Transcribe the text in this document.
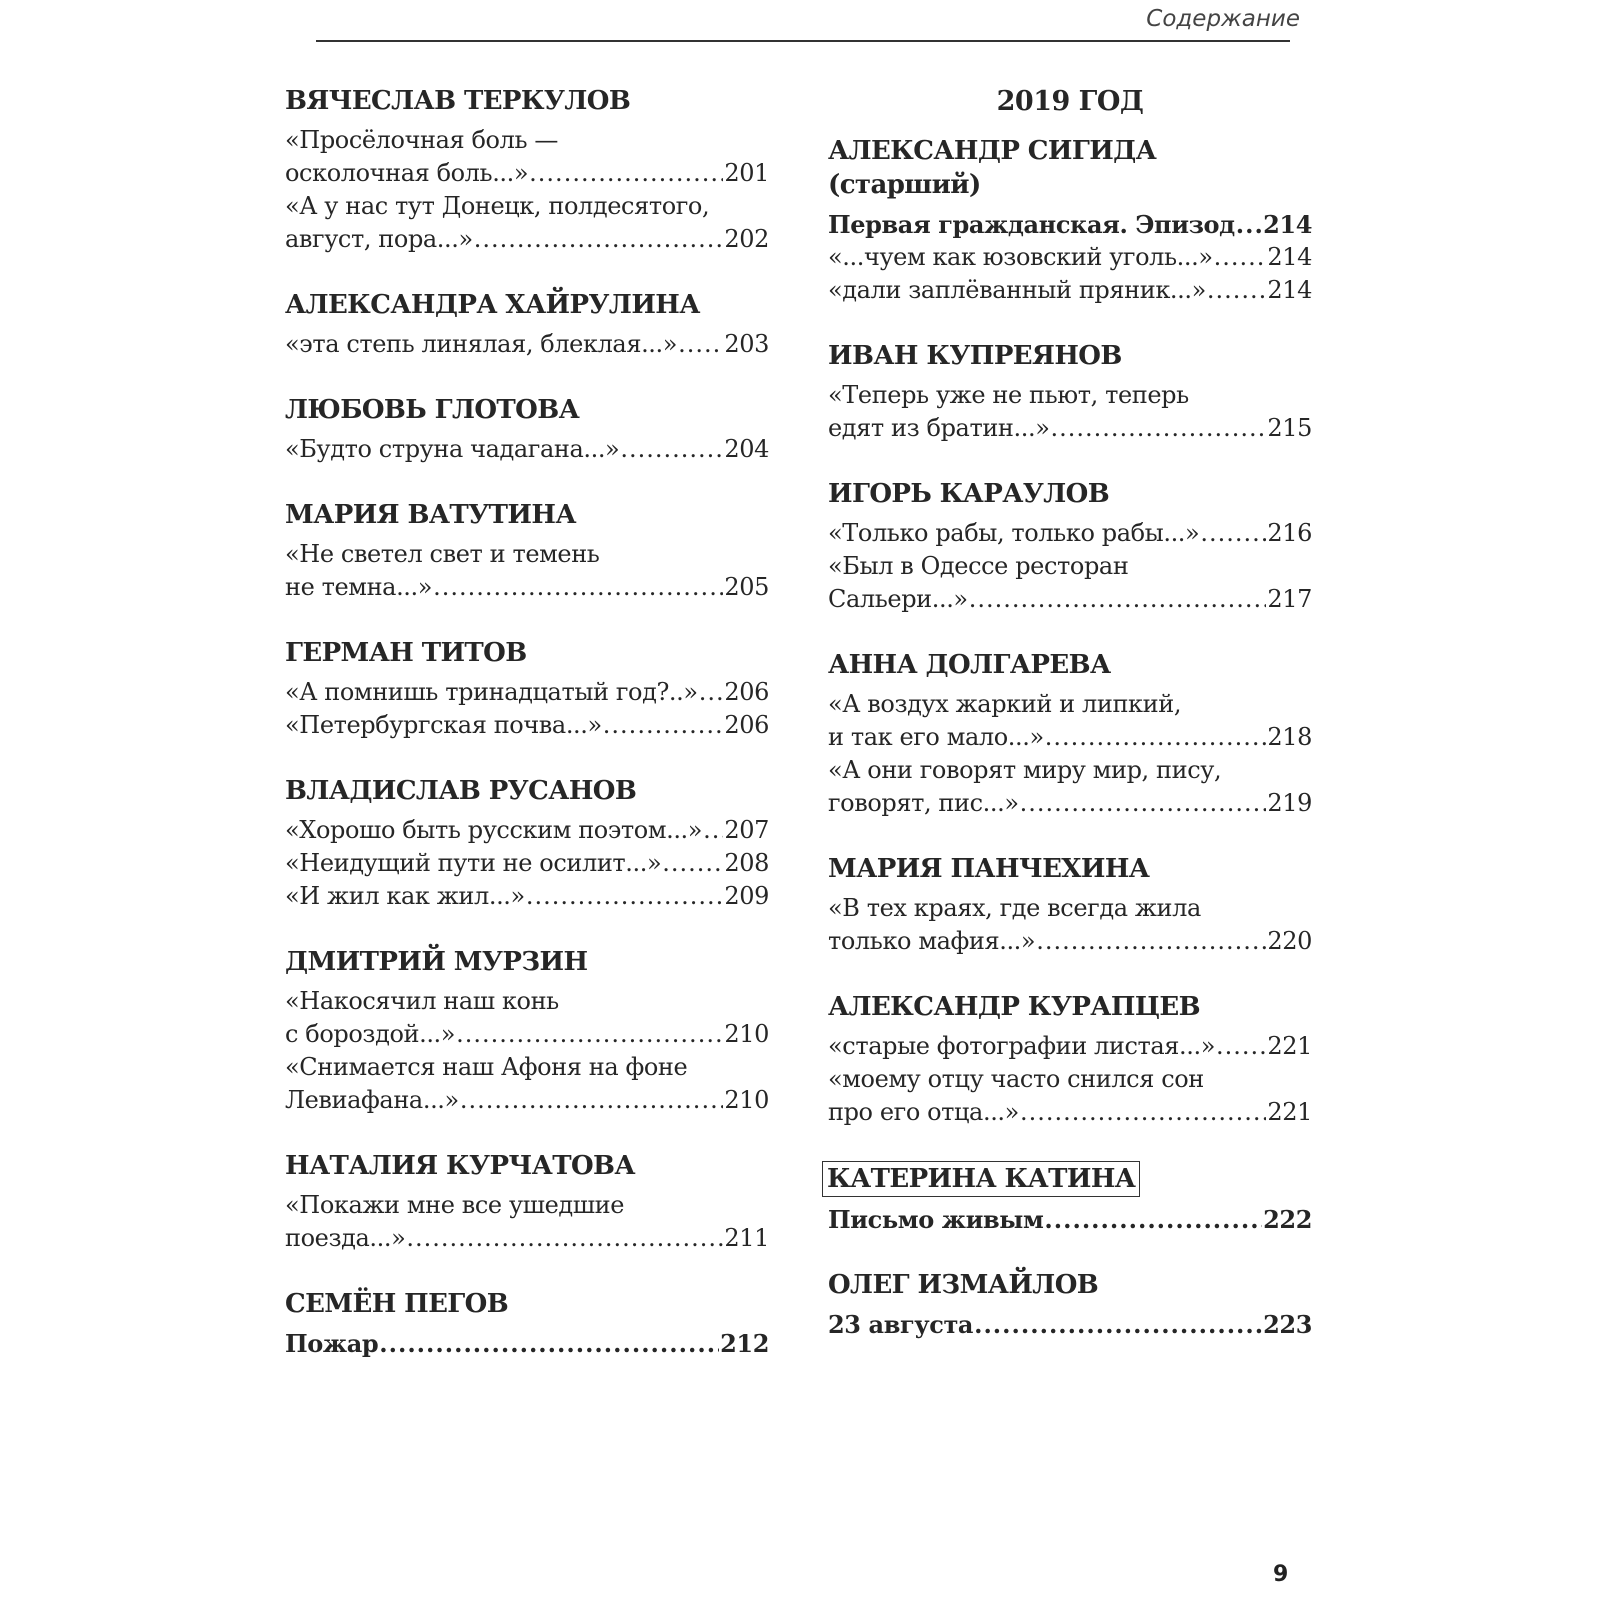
Содержание
ВЯЧЕСЛАВ ТЕРКУЛОВ
«Просёлочная боль —
осколочная боль...» .....	201
«А у нас тут Донецк, полдесятого,
август, пора...» .....	202
АЛЕКСАНДРА ХАЙРУЛИНА
«эта степь линялая, блеклая...» ..... 203
ЛЮБОВЬ ГЛОТОВА
«Будто струна чадагана...» .....	204
МАРИЯ ВАТУТИНА
«Не светел свет и темень
не темна...» .....	205
ГЕРМАН ТИТОВ
«А помнишь тринадцатый год?..» ..... 206
«Петербургская почва...» .....	206
ВЛАДИСЛАВ РУСАНОВ
«Хорошо быть русским поэтом...» ..... 207
«Неидущий пути не осилит...» .....	208
«И жил как жил...» .....	209
ДМИТРИЙ МУРЗИН
«Накосячил наш конь
с бороздой...» .....	210
«Снимается наш Афоня на фоне
Левиафана...» .....	210
НАТАЛИЯ КУРЧАТОВА
«Покажи мне все ушедшие
поезда...» .....	211
СЕМЁН ПЕГОВ
Пожар .....	212
2019 ГОД
АЛЕКСАНДР СИГИДА
(старший)
Первая гражданская. Эпизод ..... 214
«...чуем как юзовский уголь...» ..... 214
«дали заплёванный пряник...» .....	214
ИВАН КУПРЕЯНОВ
«Теперь уже не пьют, теперь
едят из братин...» .....	215
ИГОРЬ КАРАУЛОВ
«Только рабы, только рабы...» .....	216
«Был в Одессе ресторан
Сальери...» .....	217
АННА ДОЛГАРЕВА
«А воздух жаркий и липкий,
и так его мало...» .....	218
«А они говорят миру мир, пису,
говорят, пис...» .....	219
МАРИЯ ПАНЧЕХИНА
«В тех краях, где всегда жила
только мафия...» .....	220
АЛЕКСАНДР КУРАПЦЕВ
«старые фотографии листая...» ..... 221
«моему отцу часто снился сон
про его отца...» .....	221
КАТЕРИНА КАТИНА
Письмо живым .....	222
ОЛЕГ ИЗМАЙЛОВ
23 августа .....	223
9
